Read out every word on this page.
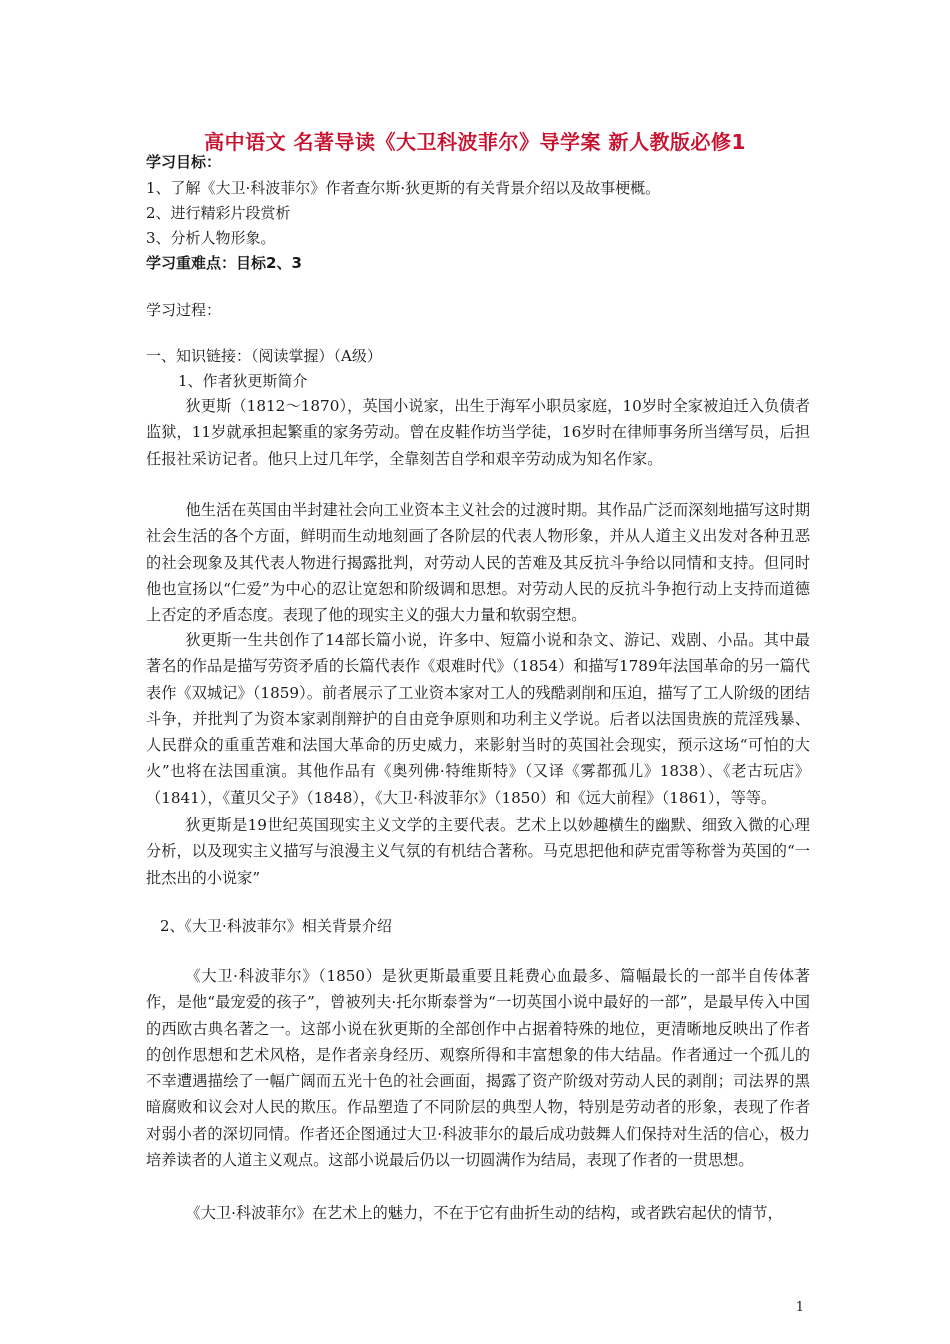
高中语文 名著导读《大卫科波菲尔》导学案 新人教版必修1
学习目标：
1、了解《大卫·科波菲尔》作者查尔斯·狄更斯的有关背景介绍以及故事梗概。
2、进行精彩片段赏析
3、分析人物形象。
学习重难点：目标2、3
学习过程：
一、知识链接：（阅读掌握）（A级）
1、作者狄更斯简介
狄更斯（1812～1870），英国小说家，出生于海军小职员家庭，10岁时全家被迫迁入负债者监狱，11岁就承担起繁重的家务劳动。曾在皮鞋作坊当学徒，16岁时在律师事务所当缮写员，后担任报社采访记者。他只上过几年学，全靠刻苦自学和艰辛劳动成为知名作家。
他生活在英国由半封建社会向工业资本主义社会的过渡时期。其作品广泛而深刻地描写这时期社会生活的各个方面，鲜明而生动地刻画了各阶层的代表人物形象，并从人道主义出发对各种丑恶的社会现象及其代表人物进行揭露批判，对劳动人民的苦难及其反抗斗争给以同情和支持。但同时他也宣扬以“仁爱”为中心的忍让宽恕和阶级调和思想。对劳动人民的反抗斗争抱行动上支持而道德上否定的矛盾态度。表现了他的现实主义的强大力量和软弱空想。
狄更斯一生共创作了14部长篇小说，许多中、短篇小说和杂文、游记、戏剧、小品。其中最著名的作品是描写劳资矛盾的长篇代表作《艰难时代》（1854）和描写1789年法国革命的另一篇代表作《双城记》（1859）。前者展示了工业资本家对工人的残酷剥削和压迫，描写了工人阶级的团结斗争，并批判了为资本家剥削辩护的自由竞争原则和功利主义学说。后者以法国贵族的荒淫残暴、人民群众的重重苦难和法国大革命的历史威力，来影射当时的英国社会现实，预示这场“可怕的大火”也将在法国重演。其他作品有《奥列佛·特维斯特》（又译《雾都孤儿》1838）、《老古玩店》（1841），《董贝父子》（1848），《大卫·科波菲尔》（1850）和《远大前程》（1861），等等。
狄更斯是19世纪英国现实主义文学的主要代表。艺术上以妙趣横生的幽默、细致入微的心理分析，以及现实主义描写与浪漫主义气氛的有机结合著称。马克思把他和萨克雷等称誉为英国的“一批杰出的小说家”
2、《大卫·科波菲尔》相关背景介绍
《大卫·科波菲尔》（1850）是狄更斯最重要且耗费心血最多、篇幅最长的一部半自传体著作，是他“最宠爱的孩子”，曾被列夫·托尔斯泰誉为“一切英国小说中最好的一部”，是最早传入中国的西欧古典名著之一。这部小说在狄更斯的全部创作中占据着特殊的地位，更清晰地反映出了作者的创作思想和艺术风格，是作者亲身经历、观察所得和丰富想象的伟大结晶。作者通过一个孤儿的不幸遭遇描绘了一幅广阔而五光十色的社会画面，揭露了资产阶级对劳动人民的剥削；司法界的黑暗腐败和议会对人民的欺压。作品塑造了不同阶层的典型人物，特别是劳动者的形象，表现了作者对弱小者的深切同情。作者还企图通过大卫·科波菲尔的最后成功鼓舞人们保持对生活的信心，极力培养读者的人道主义观点。这部小说最后仍以一切圆满作为结局，表现了作者的一贯思想。
《大卫·科波菲尔》在艺术上的魅力，不在于它有曲折生动的结构，或者跌宕起伏的情节，
1
